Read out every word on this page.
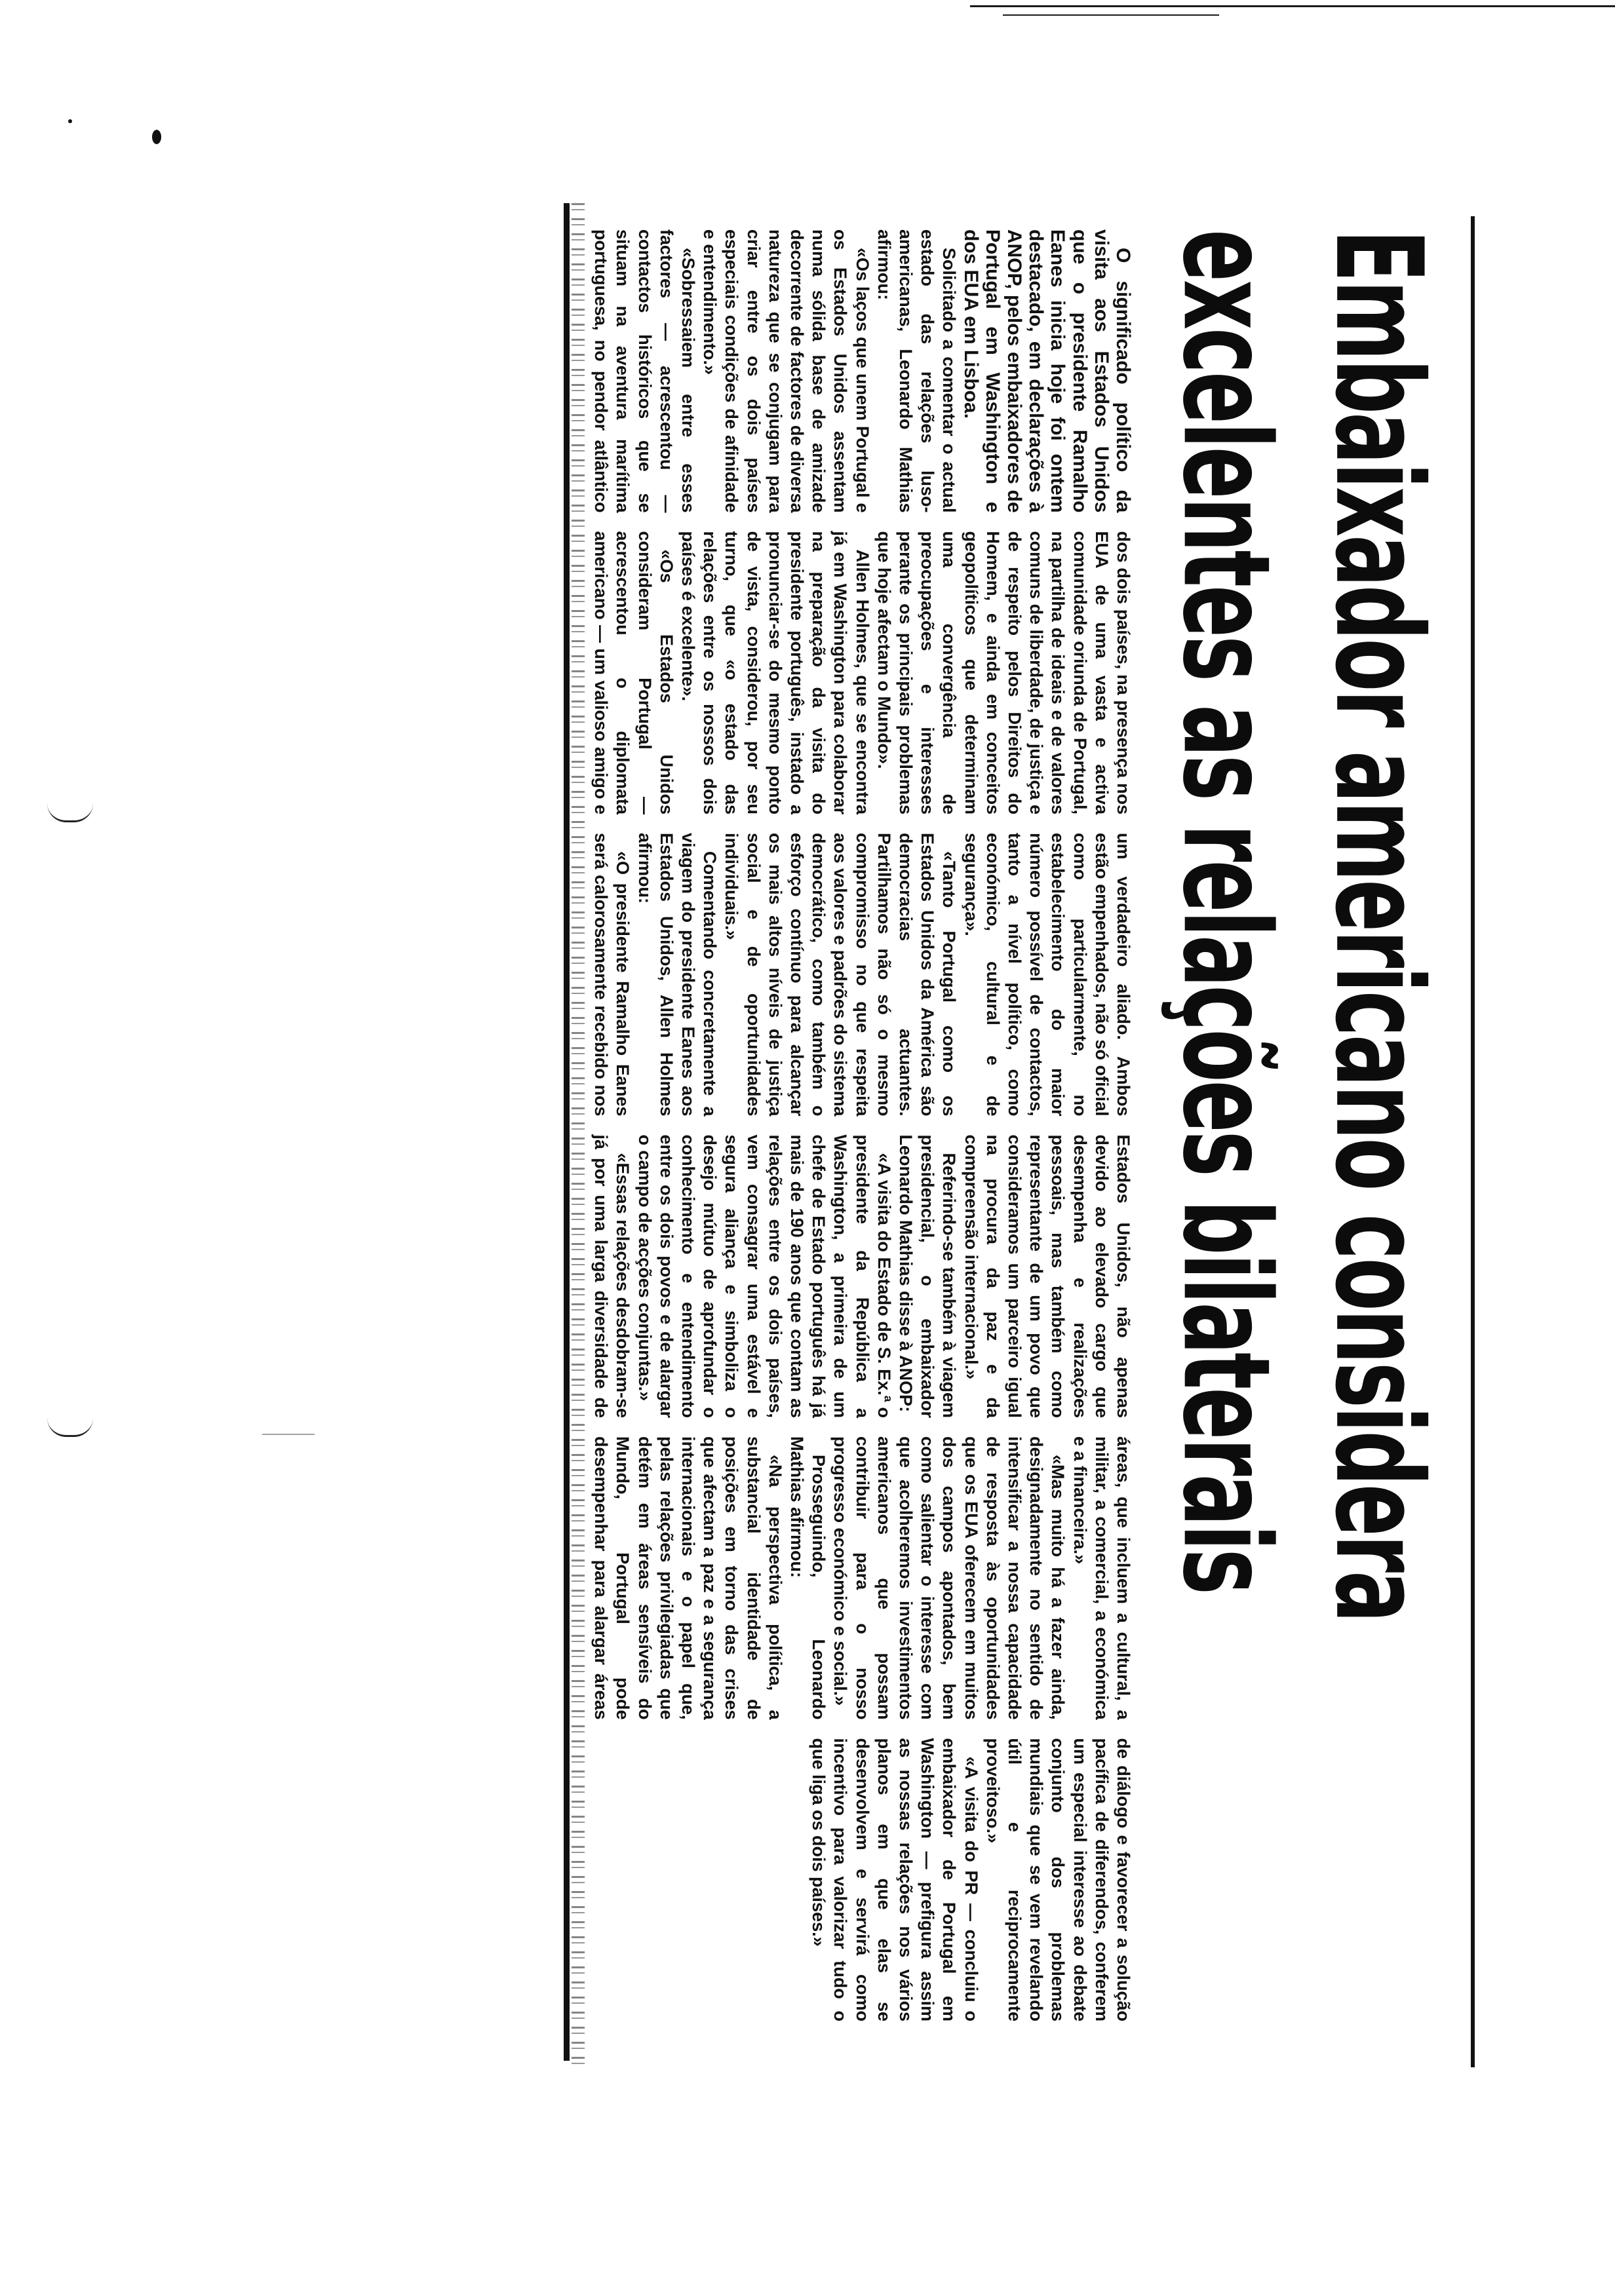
Embaixador americano considera
excelentes as relações bilaterais

O significado político da visita aos Estados Unidos que o presidente Ramalho Eanes inicia hoje foi ontem destacado, em declarações à ANOP, pelos embaixadores de Portugal em Washington e dos EUA em Lisboa.

Solicitado a comentar o actual estado das relações luso-americanas, Leonardo Mathias afirmou:

«Os laços que unem Portugal e os Estados Unidos assentam numa sólida base de amizade decorrente de factores de diversa natureza que se conjugam para criar entre os dois países especiais condições de afinidade e entendimento.»

«Sobressaiem entre esses factores — acrescentou — contactos históricos que se situam na aventura marítima portuguesa, no pendor atlântico dos dois países, na presença nos EUA de uma vasta e activa comunidade oriunda de Portugal, na partilha de ideais e de valores comuns de liberdade, de justiça e de respeito pelos Direitos do Homem, e ainda em conceitos geopolíticos que determinam uma convergência de preocupações e interesses perante os principais problemas que hoje afectam o Mundo».

Allen Holmes, que se encontra já em Washington para colaborar na preparação da visita do presidente português, instado a pronunciar-se do mesmo ponto de vista, considerou, por seu turno, que «o estado das relações entre os nossos dois países é excelente».

«Os Estados Unidos consideram Portugal — acrescentou o diplomata americano — um valioso amigo e um verdadeiro aliado. Ambos estão empenhados, não só oficial como particularmente, no estabelecimento do maior número possível de contactos, tanto a nível político, como económico, cultural e de segurança».

«Tanto Portugal como os Estados Unidos da América são democracias actuantes. Partilhamos não só o mesmo compromisso no que respeita aos valores e padrões do sistema democrático, como também o esforço contínuo para alcançar os mais altos níveis de justiça social e de oportunidades individuais.»

Comentando concretamente a viagem do presidente Eanes aos Estados Unidos, Allen Holmes afirmou:

«O presidente Ramalho Eanes será calorosamente recebido nos Estados Unidos, não apenas devido ao elevado cargo que desempenha e realizações pessoais, mas também como representante de um povo que consideramos um parceiro igual na procura da paz e da compreensão internacional.»

Referindo-se também à viagem presidencial, o embaixador Leonardo Mathias disse à ANOP:

«A visita do Estado de S. Ex.ª o presidente da República a Washington, a primeira de um chefe de Estado português há já mais de 190 anos que contam as relações entre os dois países, vem consagrar uma estável e segura aliança e simboliza o desejo mútuo de aprofundar o conhecimento e entendimento entre os dois povos e de alargar o campo de acções conjuntas.»

«Essas relações desdobram-se já por uma larga diversidade de áreas, que incluem a cultural, a militar, a comercial, a económica e a financeira.»

«Mas muito há a fazer ainda, designadamente no sentido de intensificar a nossa capacidade de resposta às oportunidades que os EUA oferecem em muitos dos campos apontados, bem como salientar o interesse com que acolheremos investimentos americanos que possam contribuir para o nosso progresso económico e social.»

Prosseguindo, Leonardo Mathias afirmou:

«Na perspectiva política, a substancial identidade de posições em torno das crises que afectam a paz e a segurança internacionais e o papel que, pelas relações privilegiadas que detém em áreas sensíveis do Mundo, Portugal pode desempenhar para alargar áreas de diálogo e favorecer a solução pacífica de diferendos, conferem um especial interesse ao debate conjunto dos problemas mundiais que se vem revelando útil e reciprocamente proveitoso.»

«A visita do PR — concluiu o embaixador de Portugal em Washington — prefigura assim as nossas relações nos vários planos em que elas se desenvolvem e servirá como incentivo para valorizar tudo o que liga os dois países.»
